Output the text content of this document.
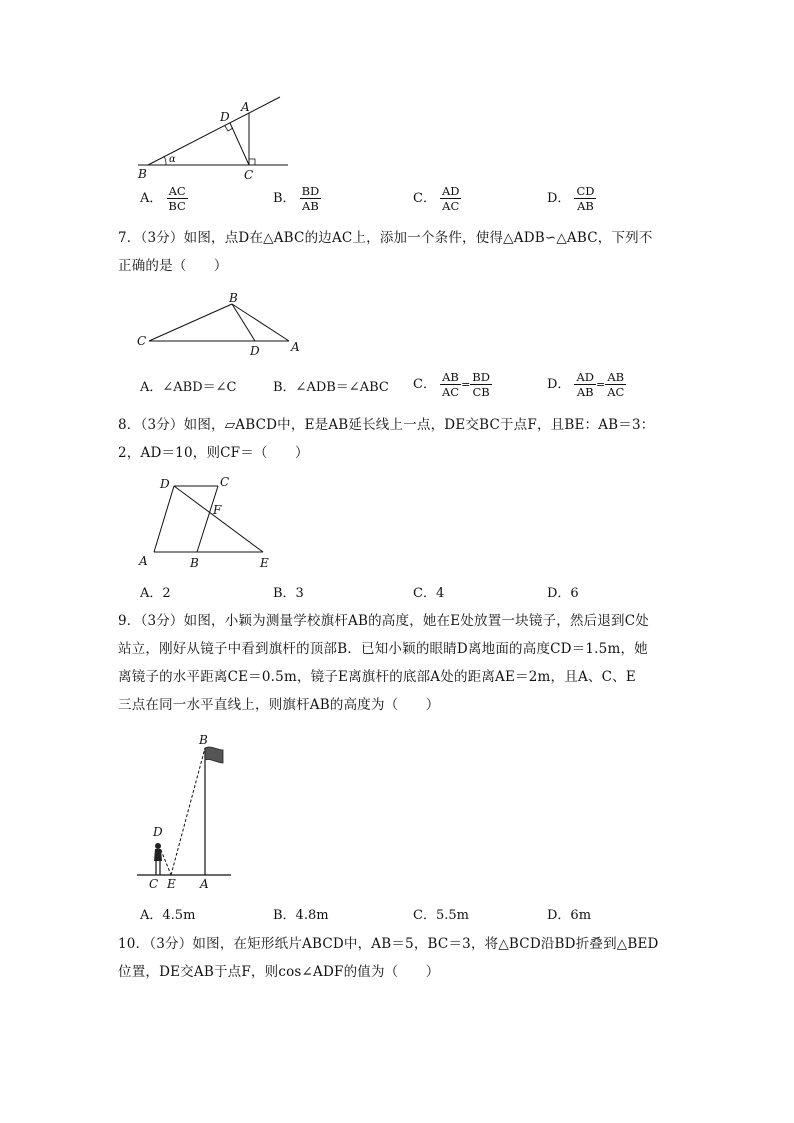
D
A
B	C
α
A． $\frac{AC}{BC}$	B． $\frac{BD}{AB}$	C． $\frac{AD}{AC}$	D． $\frac{CD}{AB}$
7．（3分）如图，点D在△ABC的边AC上，添加一个条件，使得△ADB∽△ABC，下列不
正确的是（　　）
B
C
D	A
A．∠ABD＝∠C	B．∠ADB＝∠ABC C． $\frac{AB}{AC} = \frac{BD}{CB}$	D． $\frac{AD}{AB} = \frac{AB}{AC}$
8．（3分）如图，▱ABCD中，E是AB延长线上一点，DE交BC于点F，且BE：AB＝3：
2，AD＝10，则CF＝（　　）
D	C
F
A	B	E
A．2	B．3	C．4	D．6
9．（3分）如图，小颖为测量学校旗杆AB的高度，她在E处放置一块镜子，然后退到C处
站立，刚好从镜子中看到旗杆的顶部B．已知小颖的眼睛D离地面的高度CD＝1.5m，她
离镜子的水平距离CE＝0.5m，镜子E离旗杆的底部A处的距离AE＝2m，且A、C、E
三点在同一水平直线上，则旗杆AB的高度为（　　）
B
D
C E A
A．4.5m	B．4.8m	C．5.5m	D．6m
10．（3分）如图，在矩形纸片ABCD中，AB＝5，BC＝3，将△BCD沿BD折叠到△BED
位置，DE交AB于点F，则cos∠ADF的值为（　　）
